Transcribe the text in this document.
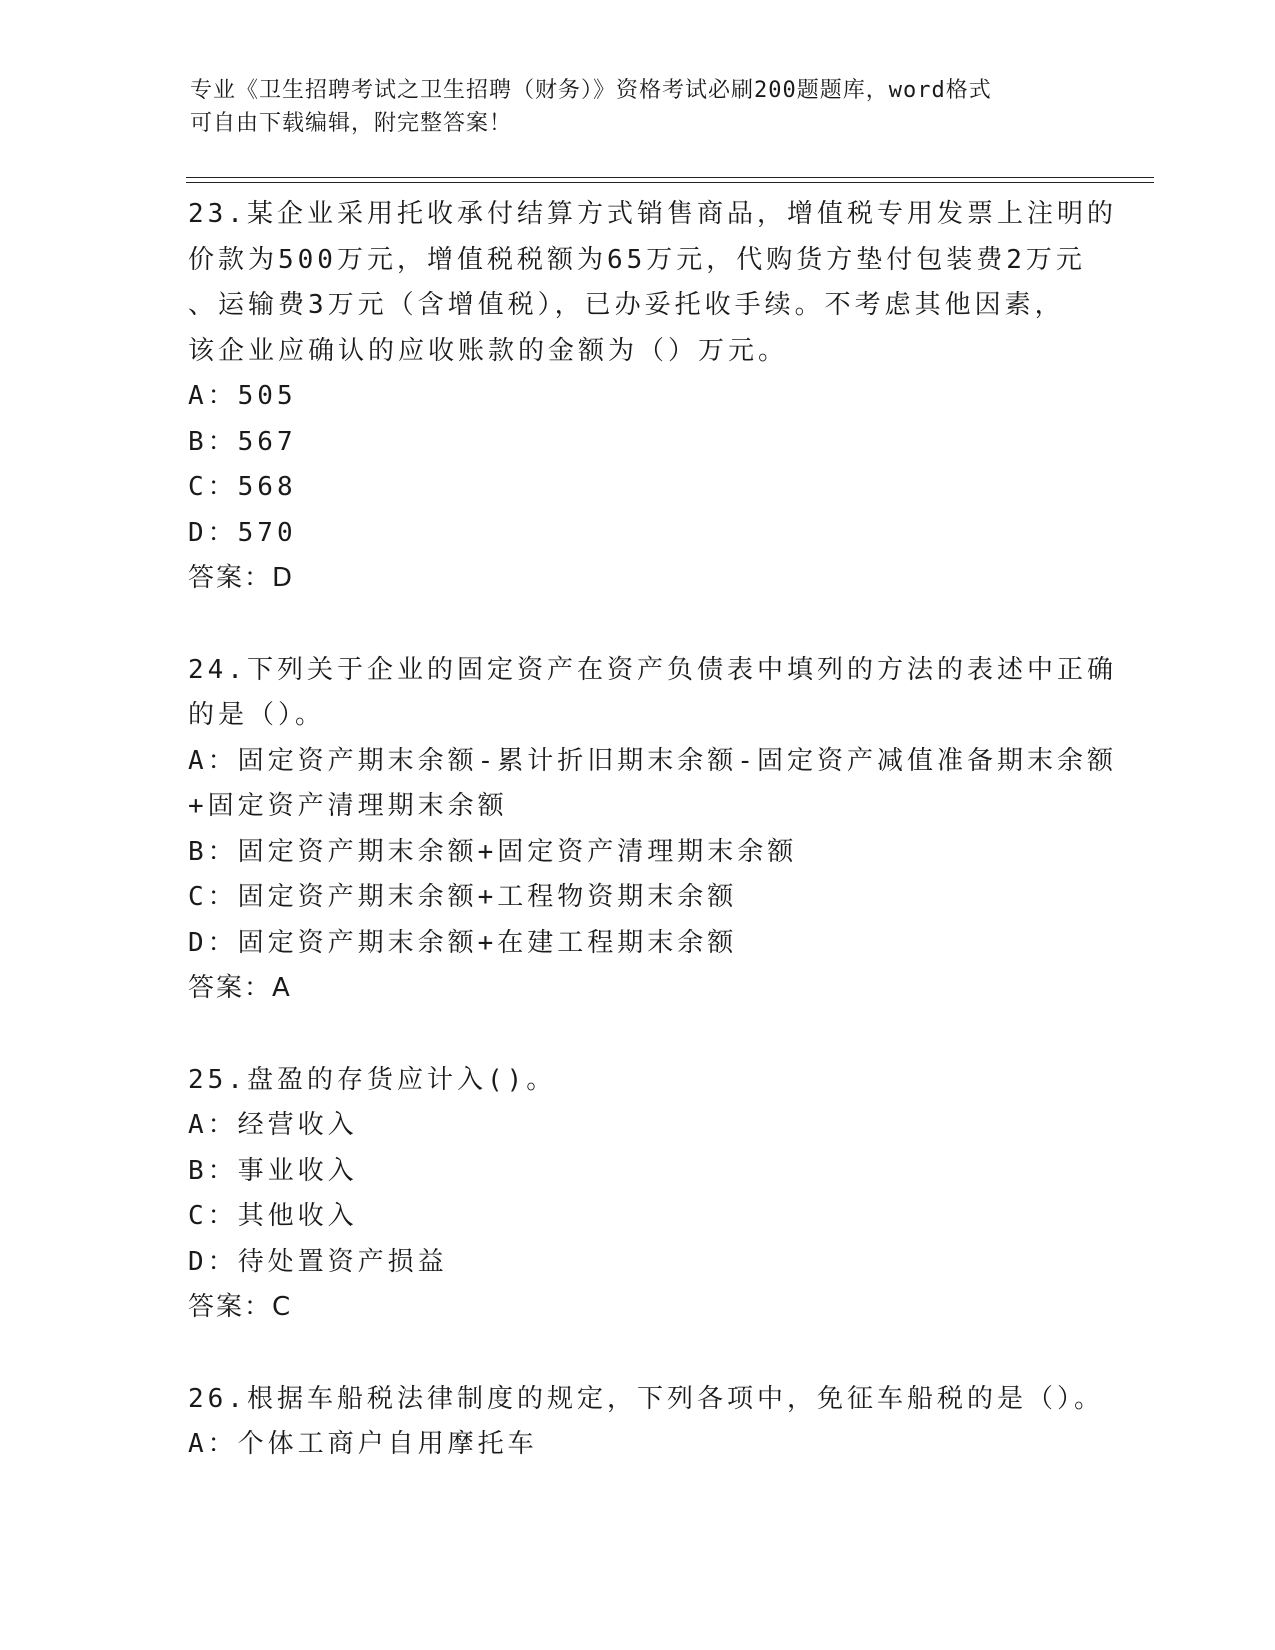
专业《卫生招聘考试之卫生招聘（财务）》资格考试必刷200题题库，word格式
可自由下载编辑，附完整答案！
23.某企业采用托收承付结算方式销售商品，增值税专用发票上注明的
价款为500万元，增值税税额为65万元，代购货方垫付包装费2万元
、运输费3万元（含增值税），已办妥托收手续。不考虑其他因素，
该企业应确认的应收账款的金额为（）万元。
A：505
B：567
C：568
D：570
答案：D
24.下列关于企业的固定资产在资产负债表中填列的方法的表述中正确
的是（）。
A：固定资产期末余额-累计折旧期末余额-固定资产减值准备期末余额
+固定资产清理期末余额
B：固定资产期末余额+固定资产清理期末余额
C：固定资产期末余额+工程物资期末余额
D：固定资产期末余额+在建工程期末余额
答案：A
25.盘盈的存货应计入()。
A：经营收入
B：事业收入
C：其他收入
D：待处置资产损益
答案：C
26.根据车船税法律制度的规定，下列各项中，免征车船税的是（）。
A：个体工商户自用摩托车
